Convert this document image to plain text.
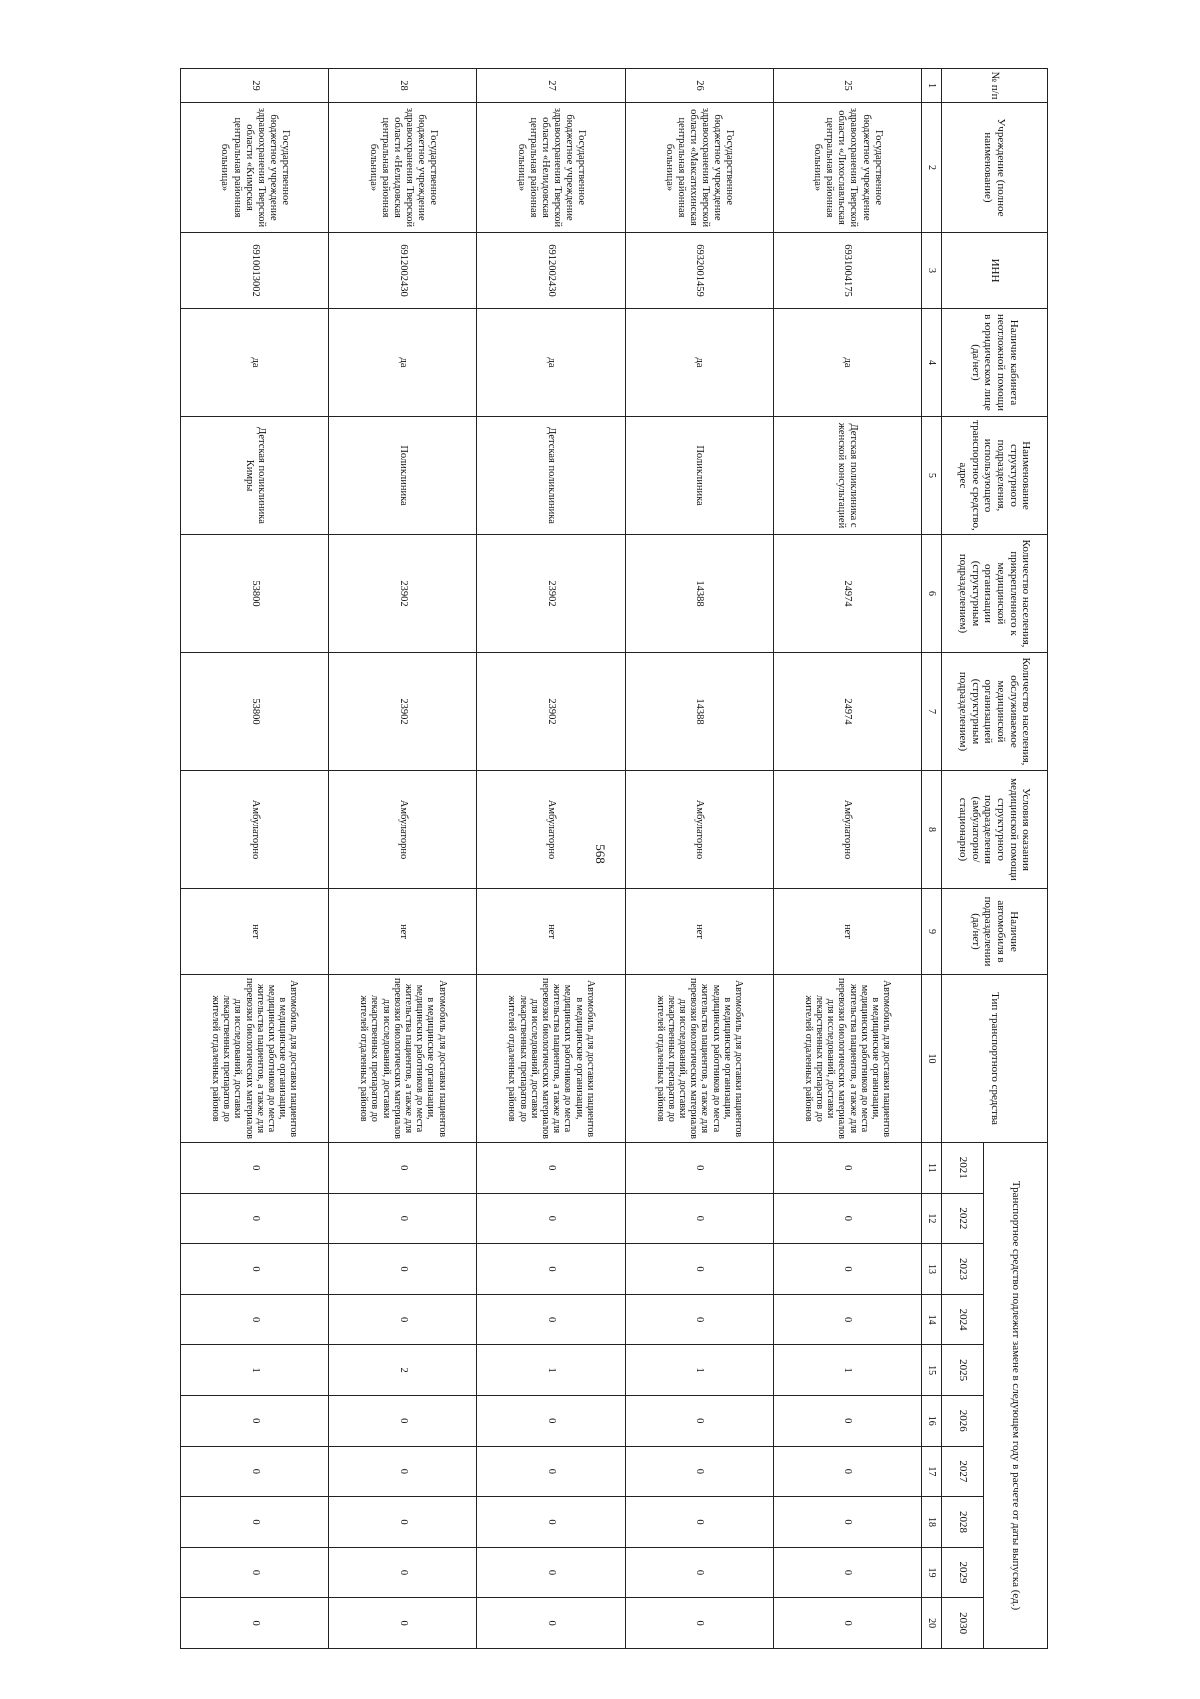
568
№ п/п	Учреждение (полное наименование)	ИНН	Наличие кабинета неотложной помощи в юридическом лице (да/нет)	Наименование структурного подразделения, использующего транспортное средство, адрес	Количество населения, прикрепленного к медицинской организации (структурным подразделением)	Количество населения, обслуживаемое медицинской организацией (структурным подразделением)	Условия оказания медицинской помощи структурного подразделения (амбулаторно/ стационарно)	Наличие автомобиля в подразделении (да/нет)	Тип транспортного средства	Транспортное средство подлежит замене в следующем году в расчете от даты выпуска (ед.)									
										2021	2022	2023	2024	2025	2026	2027	2028	2029	2030
1	2	3	4	5	6	7	8	9	10	11	12	13	14	15	16	17	18	19	20
25	Государственное бюджетное учреждение здравоохранения Тверской области «Лихославльская центральная районная больница»	6931004175	да	Детская поликлиника с женской консультацией	24974	24974	Амбулаторно	нет	Автомобиль для доставки пациентов в медицинские организации, медицинских работников до места жительства пациентов, а также для перевозки биологических материалов для исследований, доставки лекарственных препаратов до жителей отдаленных районов	0	0	0	0	1	0	0	0	0	0
26	Государственное бюджетное учреждение здравоохранения Тверской области «Максатихинская центральная районная больница»	6932001459	да	Поликлиника	14388	14388	Амбулаторно	нет	Автомобиль для доставки пациентов в медицинские организации, медицинских работников до места жительства пациентов, а также для перевозки биологических материалов для исследований, доставки лекарственных препаратов до жителей отдаленных районов	0	0	0	0	1	0	0	0	0	0
27	Государственное бюджетное учреждение здравоохранения Тверской области «Нелидовская центральная районная больница»	6912002430	да	Детская поликлиника	23902	23902	Амбулаторно	нет	Автомобиль для доставки пациентов в медицинские организации, медицинских работников до места жительства пациентов, а также для перевозки биологических материалов для исследований, доставки лекарственных препаратов до жителей отдаленных районов	0	0	0	0	1	0	0	0	0	0
28	Государственное бюджетное учреждение здравоохранения Тверской области «Нелидовская центральная районная больница»	6912002430	да	Поликлиника	23902	23902	Амбулаторно	нет	Автомобиль для доставки пациентов в медицинские организации, медицинских работников до места жительства пациентов, а также для перевозки биологических материалов для исследований, доставки лекарственных препаратов до жителей отдаленных районов	0	0	0	0	2	0	0	0	0	0
29	Государственное бюджетное учреждение здравоохранения Тверской области «Кимрская центральная районная больница»	6910013002	да	Детская поликлиника Кимры	53800	53800	Амбулаторно	нет	Автомобиль для доставки пациентов в медицинские организации, медицинских работников до места жительства пациентов, а также для перевозки биологических материалов для исследований, доставки лекарственных препаратов до жителей отдаленных районов	0	0	0	0	1	0	0	0	0	0
